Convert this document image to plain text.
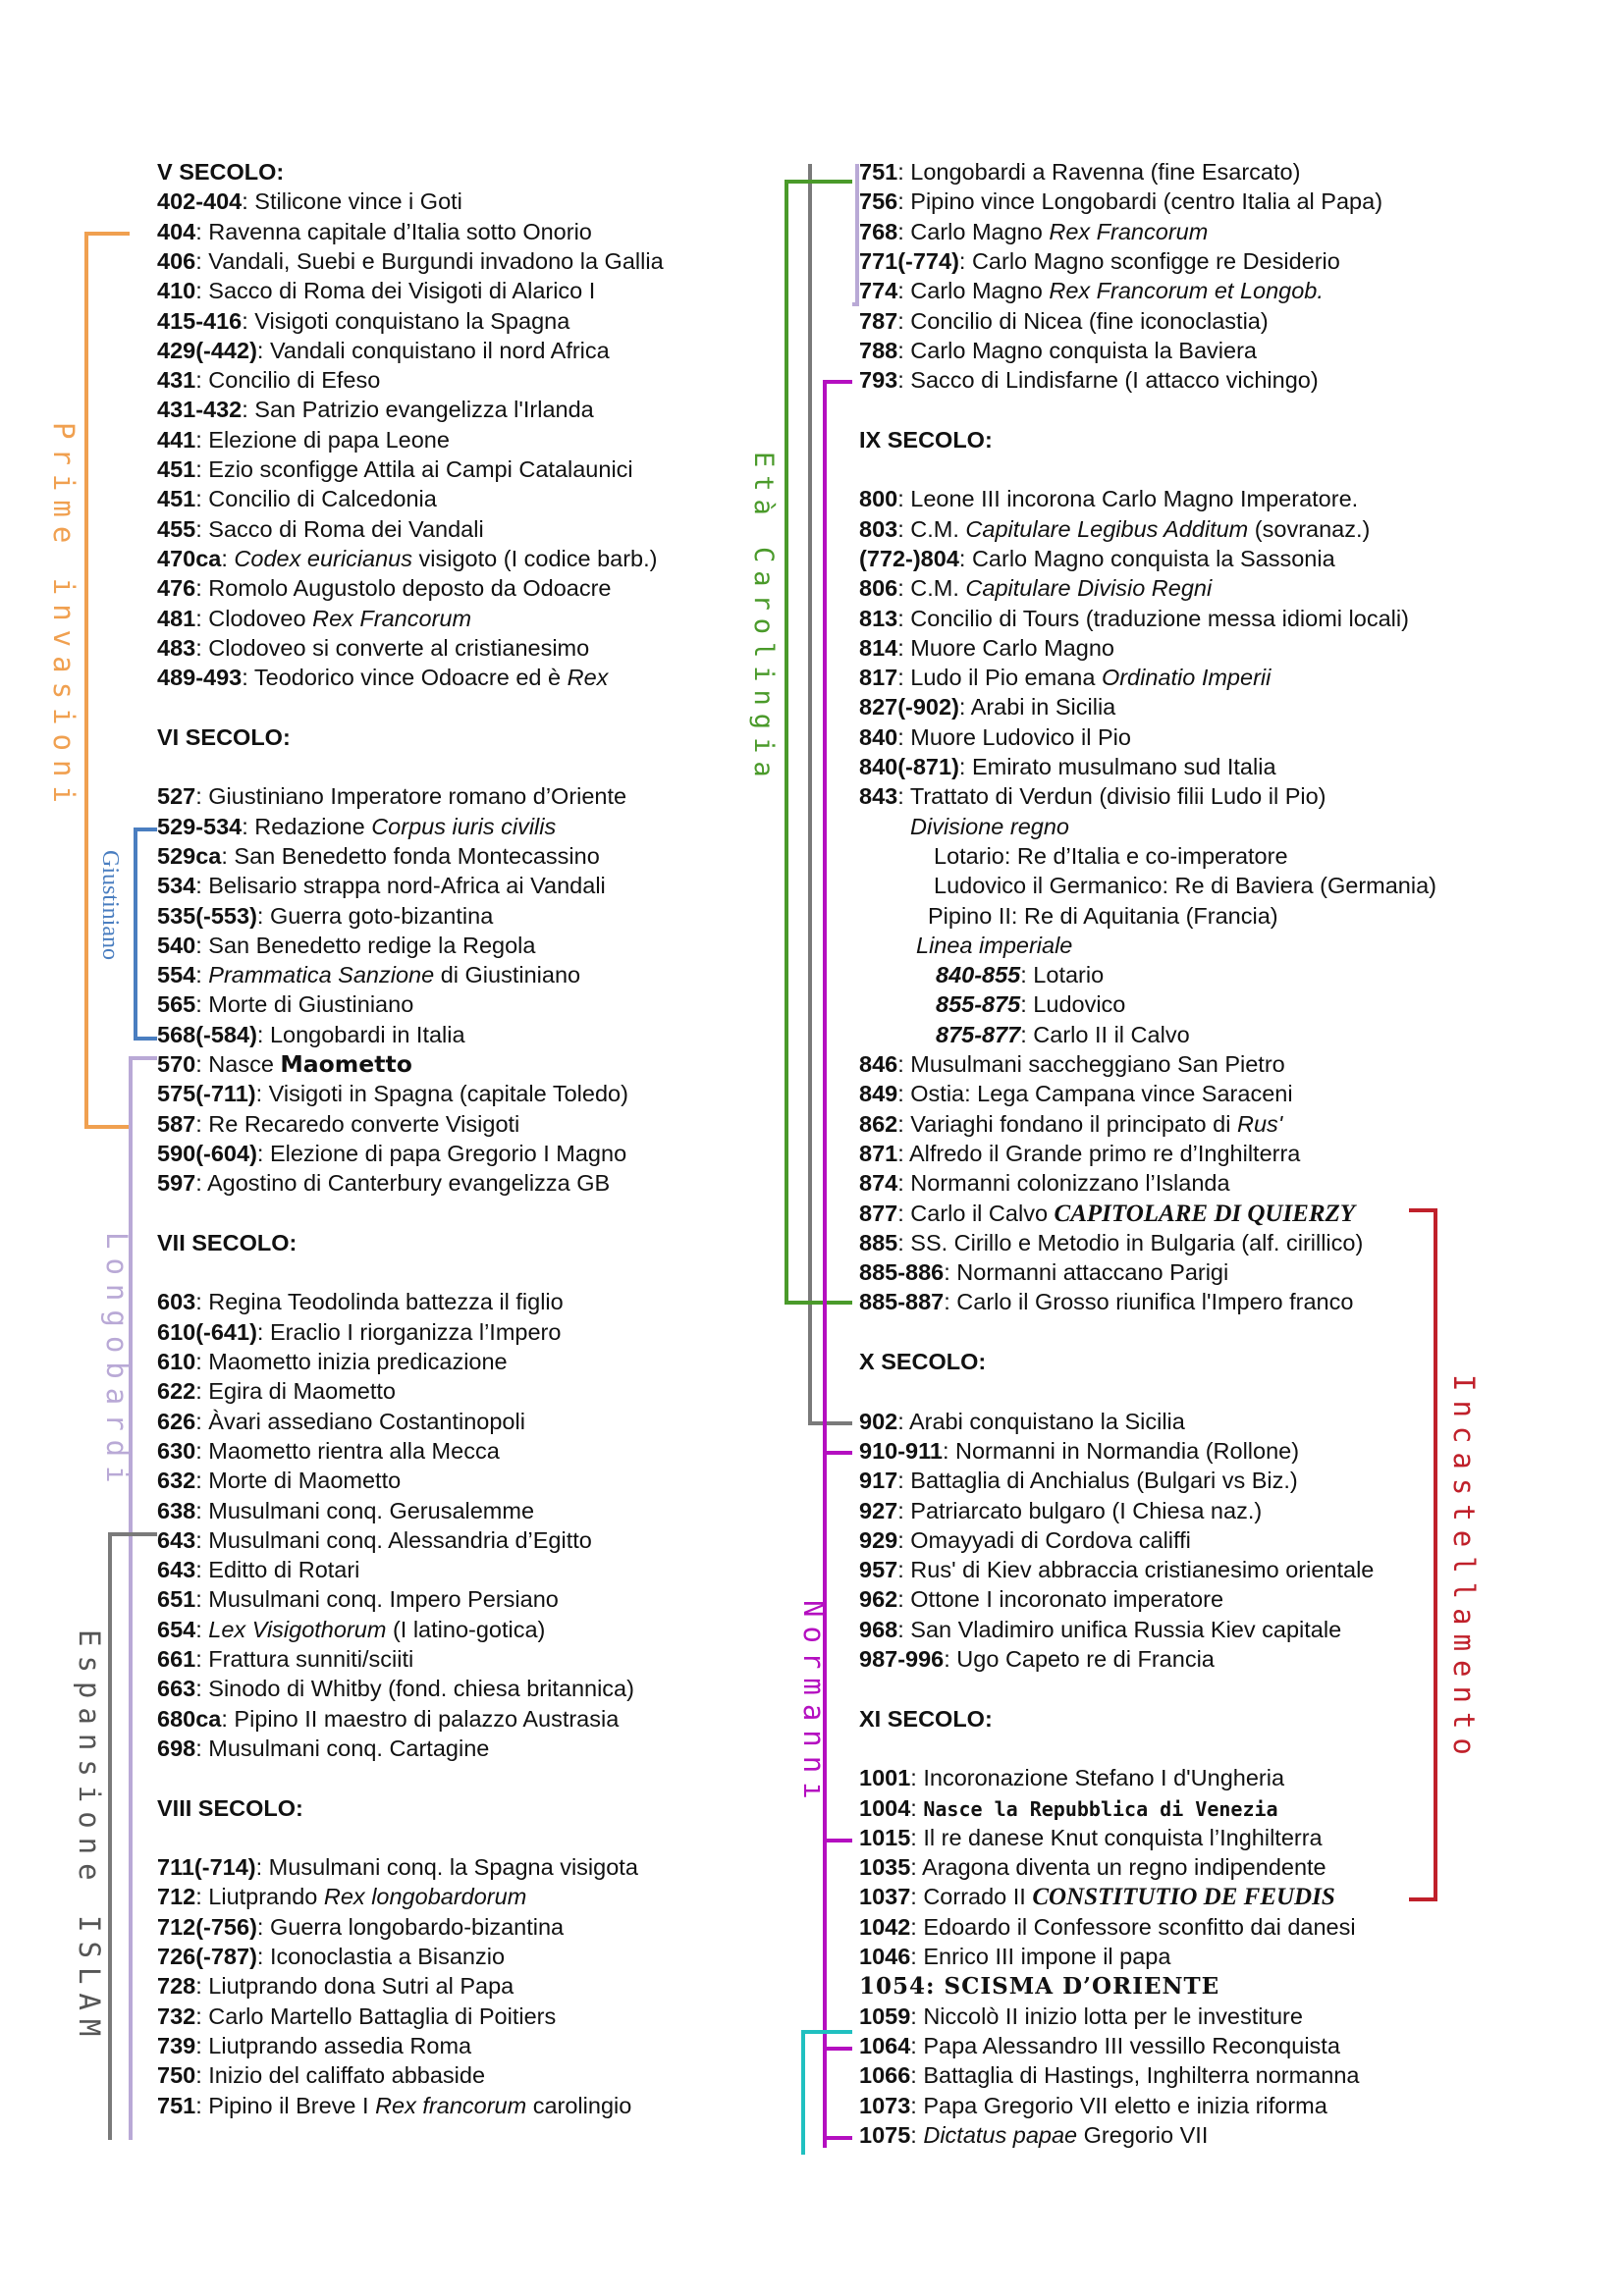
Prime invasioni
Giustiniano
Longobardi
Espansione ISLAM
Età Carolingia
Normanni	Incastellamento
V SECOLO:
402-404: Stilicone vince i Goti
404: Ravenna capitale d’Italia sotto Onorio
406: Vandali, Suebi e Burgundi invadono la Gallia
410: Sacco di Roma dei Visigoti di Alarico I
415-416: Visigoti conquistano la Spagna
429(-442): Vandali conquistano il nord Africa
431: Concilio di Efeso
431-432: San Patrizio evangelizza l'Irlanda
441: Elezione di papa Leone
451: Ezio sconfigge Attila ai Campi Catalaunici
451: Concilio di Calcedonia
455: Sacco di Roma dei Vandali
470ca: Codex euricianus visigoto (I codice barb.)
476: Romolo Augustolo deposto da Odoacre
481: Clodoveo Rex Francorum
483: Clodoveo si converte al cristianesimo
489-493: Teodorico vince Odoacre ed è Rex
VI SECOLO:
527: Giustiniano Imperatore romano d’Oriente
529-534: Redazione Corpus iuris civilis
529ca: San Benedetto fonda Montecassino
534: Belisario strappa nord-Africa ai Vandali
535(-553): Guerra goto-bizantina
540: San Benedetto redige la Regola
554: Prammatica Sanzione di Giustiniano
565: Morte di Giustiniano
568(-584): Longobardi in Italia
570: Nasce Maometto
575(-711): Visigoti in Spagna (capitale Toledo)
587: Re Recaredo converte Visigoti
590(-604): Elezione di papa Gregorio I Magno
597: Agostino di Canterbury evangelizza GB
VII SECOLO:
603: Regina Teodolinda battezza il figlio
610(-641): Eraclio I riorganizza l’Impero
610: Maometto inizia predicazione
622: Egira di Maometto
626: Àvari assediano Costantinopoli
630: Maometto rientra alla Mecca
632: Morte di Maometto
638: Musulmani conq. Gerusalemme
643: Musulmani conq. Alessandria d’Egitto
643: Editto di Rotari
651: Musulmani conq. Impero Persiano
654: Lex Visigothorum (I latino-gotica)
661: Frattura sunniti/sciiti
663: Sinodo di Whitby (fond. chiesa britannica)
680ca: Pipino II maestro di palazzo Austrasia
698: Musulmani conq. Cartagine
VIII SECOLO:
711(-714): Musulmani conq. la Spagna visigota
712: Liutprando Rex longobardorum
712(-756): Guerra longobardo-bizantina
726(-787): Iconoclastia a Bisanzio
728: Liutprando dona Sutri al Papa
732: Carlo Martello Battaglia di Poitiers
739: Liutprando assedia Roma
750: Inizio del califfato abbaside
751: Pipino il Breve I Rex francorum carolingio
751: Longobardi a Ravenna (fine Esarcato)
756: Pipino vince Longobardi (centro Italia al Papa)
768: Carlo Magno Rex Francorum
771(-774): Carlo Magno sconfigge re Desiderio
774: Carlo Magno Rex Francorum et Longob.
787: Concilio di Nicea (fine iconoclastia)
788: Carlo Magno conquista la Baviera
793: Sacco di Lindisfarne (I attacco vichingo)
IX SECOLO:
800: Leone III incorona Carlo Magno Imperatore.
803: C.M. Capitulare Legibus Additum (sovranaz.)
(772-)804: Carlo Magno conquista la Sassonia
806: C.M. Capitulare Divisio Regni
813: Concilio di Tours (traduzione messa idiomi locali)
814: Muore Carlo Magno
817: Ludo il Pio emana Ordinatio Imperii
827(-902): Arabi in Sicilia
840: Muore Ludovico il Pio
840(-871): Emirato musulmano sud Italia
843: Trattato di Verdun (divisio filii Ludo il Pio)
Divisione regno
Lotario: Re d’Italia e co-imperatore
Ludovico il Germanico: Re di Baviera (Germania)
Pipino II: Re di Aquitania (Francia)
Linea imperiale
840-855: Lotario
855-875: Ludovico
875-877: Carlo II il Calvo
846: Musulmani saccheggiano San Pietro
849: Ostia: Lega Campana vince Saraceni
862: Variaghi fondano il principato di Rus'
871: Alfredo il Grande primo re d’Inghilterra
874: Normanni colonizzano l’Islanda
877: Carlo il Calvo CAPITOLARE DI QUIERZY
885: SS. Cirillo e Metodio in Bulgaria (alf. cirillico)
885-886: Normanni attaccano Parigi
885-887: Carlo il Grosso riunifica l'Impero franco
X SECOLO:
902: Arabi conquistano la Sicilia
910-911: Normanni in Normandia (Rollone)
917: Battaglia di Anchialus (Bulgari vs Biz.)
927: Patriarcato bulgaro (I Chiesa naz.)
929: Omayyadi di Cordova califfi
957: Rus' di Kiev abbraccia cristianesimo orientale
962: Ottone I incoronato imperatore
968: San Vladimiro unifica Russia Kiev capitale
987-996: Ugo Capeto re di Francia
XI SECOLO:
1001: Incoronazione Stefano I d'Ungheria
1004: Nasce la Repubblica di Venezia
1015: Il re danese Knut conquista l’Inghilterra
1035: Aragona diventa un regno indipendente
1037: Corrado II CONSTITUTIO DE FEUDIS
1042: Edoardo il Confessore sconfitto dai danesi
1046: Enrico III impone il papa
1054: SCISMA D’ORIENTE
1059: Niccolò II inizio lotta per le investiture
1064: Papa Alessandro III vessillo Reconquista
1066: Battaglia di Hastings, Inghilterra normanna
1073: Papa Gregorio VII eletto e inizia riforma
1075: Dictatus papae Gregorio VII
